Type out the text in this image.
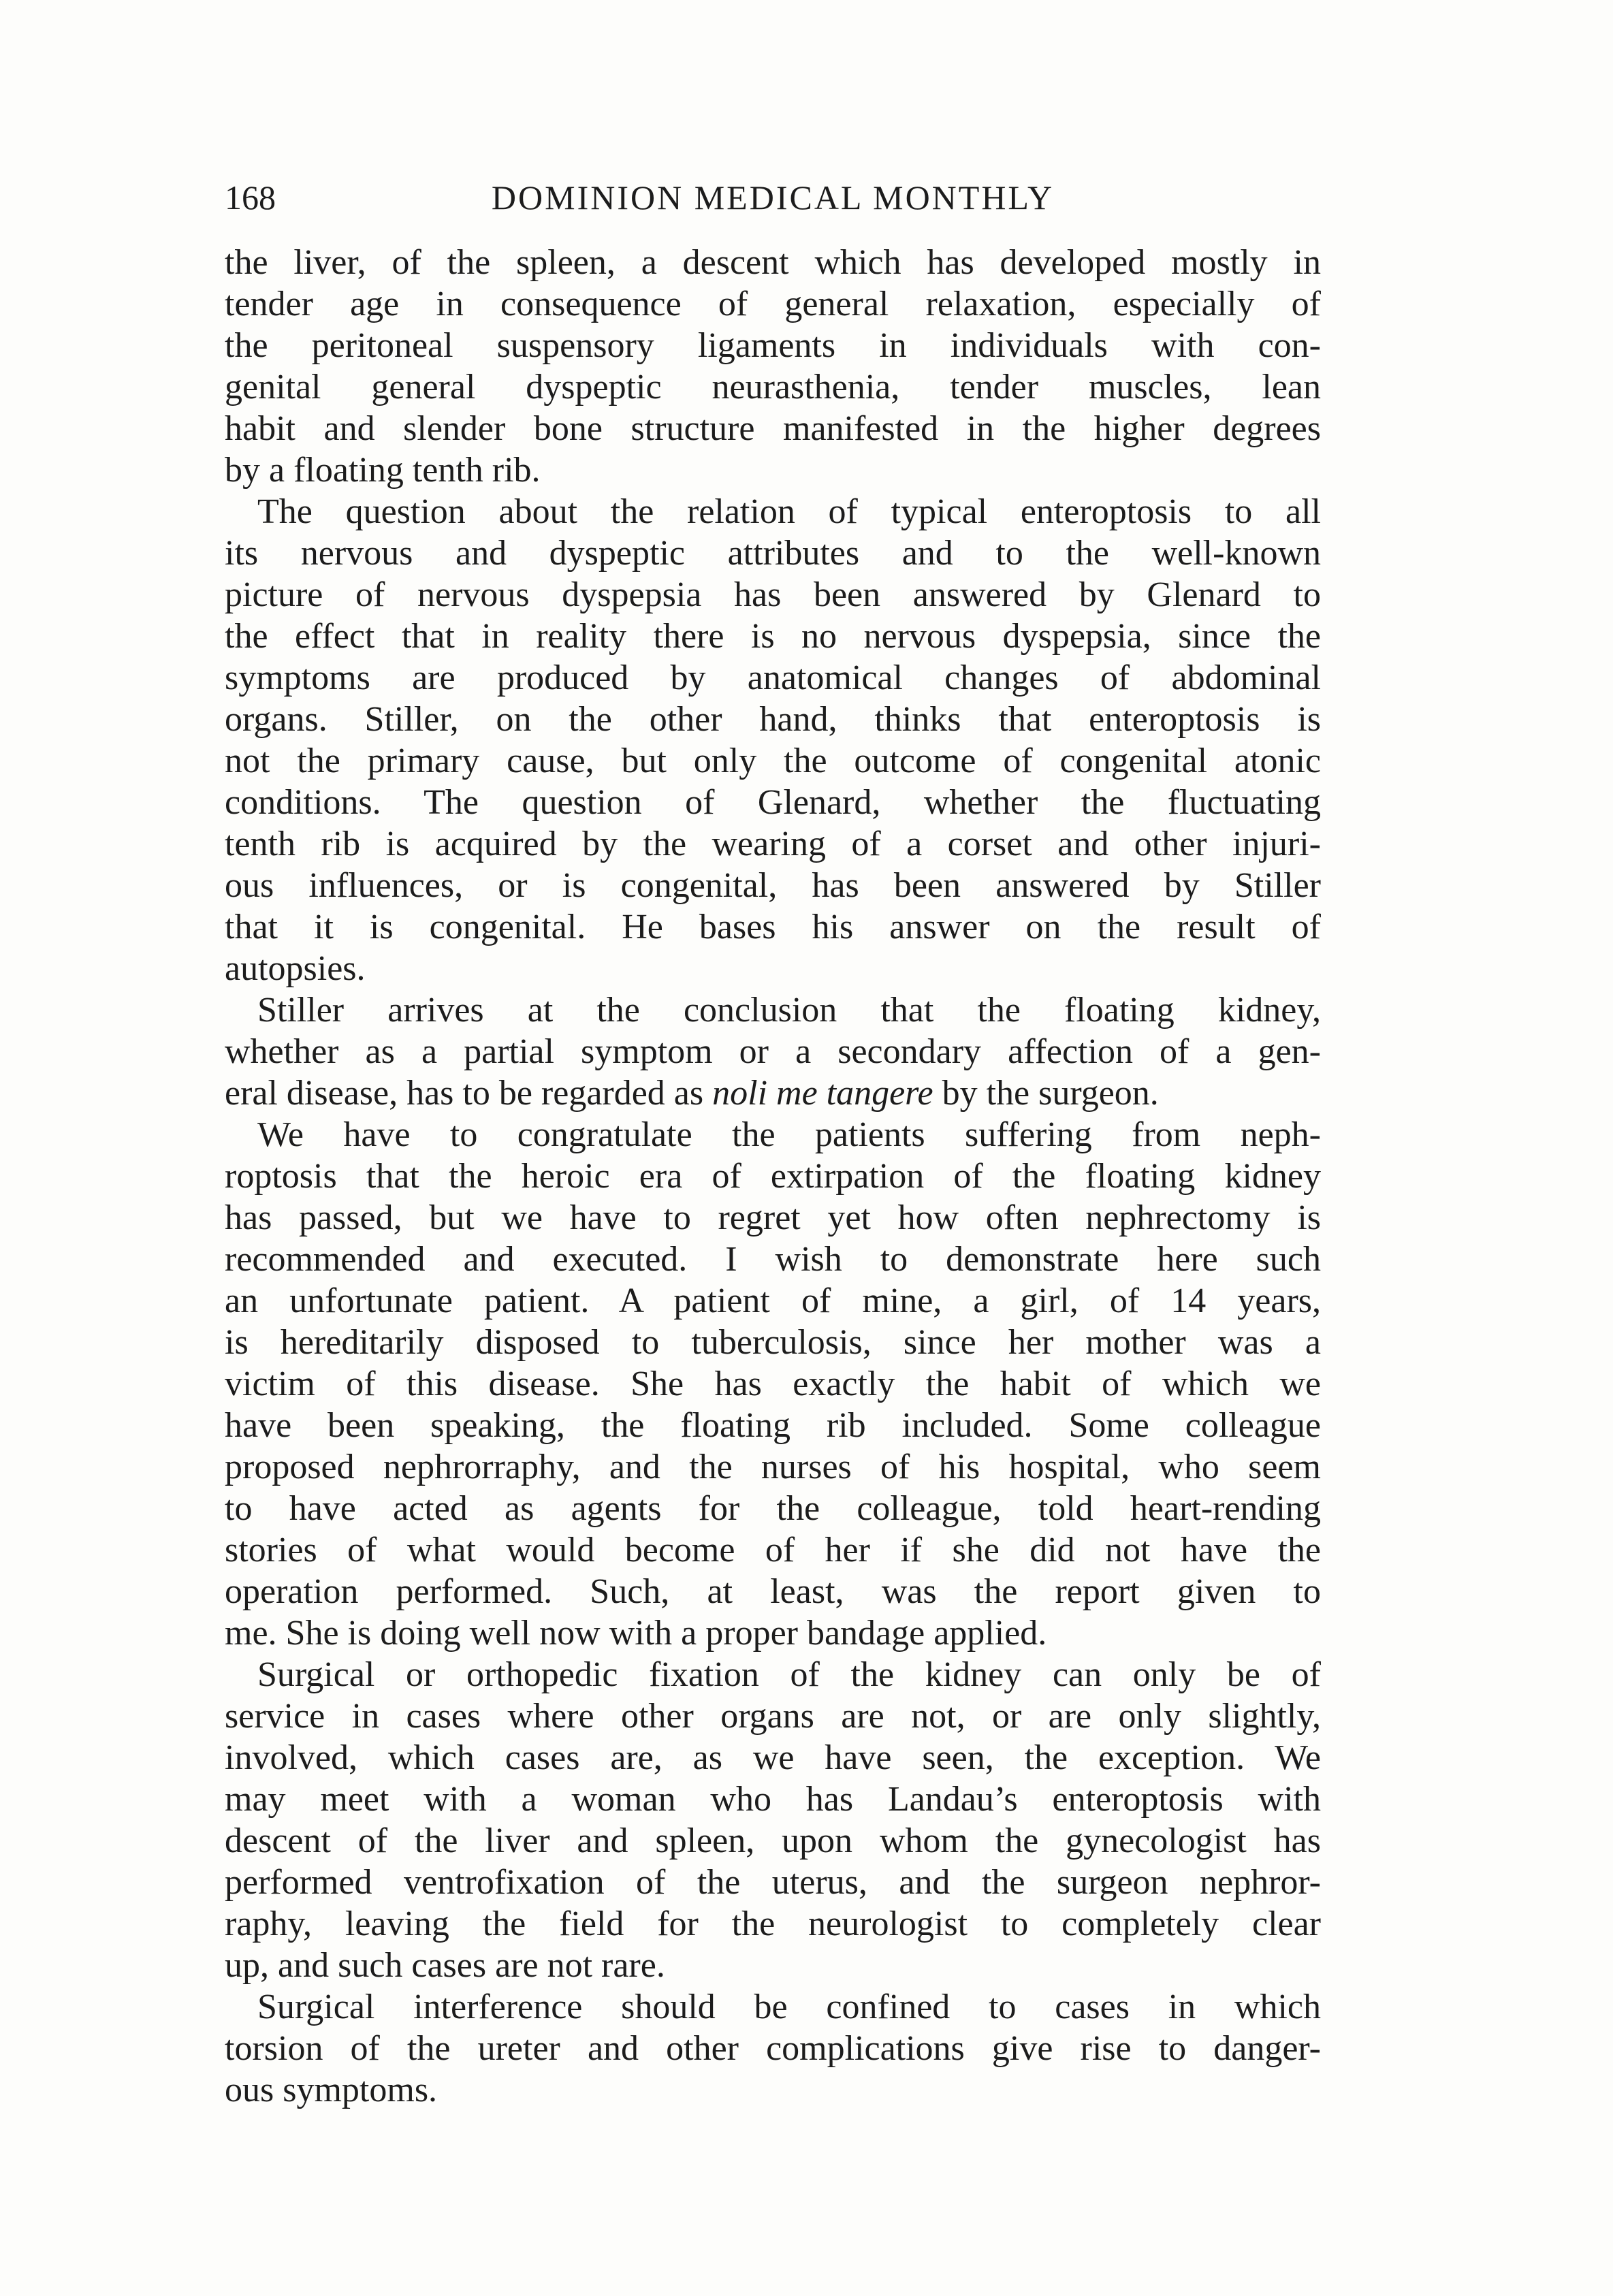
168	DOMINION MEDICAL MONTHLY
the liver, of the spleen, a descent which has developed mostly in
tender age in consequence of general relaxation, especially of
the peritoneal suspensory ligaments in individuals with con-
genital general dyspeptic neurasthenia, tender muscles, lean
habit and slender bone structure manifested in the higher degrees
by a floating tenth rib.
The question about the relation of typical enteroptosis to all
its nervous and dyspeptic attributes and to the well-known
picture of nervous dyspepsia has been answered by Glenard to
the effect that in reality there is no nervous dyspepsia, since the
symptoms are produced by anatomical changes of abdominal
organs. Stiller, on the other hand, thinks that enteroptosis is
not the primary cause, but only the outcome of congenital atonic
conditions. The question of Glenard, whether the fluctuating
tenth rib is acquired by the wearing of a corset and other injuri-
ous influences, or is congenital, has been answered by Stiller
that it is congenital. He bases his answer on the result of
autopsies.
Stiller arrives at the conclusion that the floating kidney,
whether as a partial symptom or a secondary affection of a gen-
eral disease, has to be regarded as noli me tangere by the surgeon.
We have to congratulate the patients suffering from neph-
roptosis that the heroic era of extirpation of the floating kidney
has passed, but we have to regret yet how often nephrectomy is
recommended and executed. I wish to demonstrate here such
an unfortunate patient. A patient of mine, a girl, of 14 years,
is hereditarily disposed to tuberculosis, since her mother was a
victim of this disease. She has exactly the habit of which we
have been speaking, the floating rib included. Some colleague
proposed nephrorraphy, and the nurses of his hospital, who seem
to have acted as agents for the colleague, told heart-rending
stories of what would become of her if she did not have the
operation performed. Such, at least, was the report given to
me. She is doing well now with a proper bandage applied.
Surgical or orthopedic fixation of the kidney can only be of
service in cases where other organs are not, or are only slightly,
involved, which cases are, as we have seen, the exception. We
may meet with a woman who has Landau’s enteroptosis with
descent of the liver and spleen, upon whom the gynecologist has
performed ventrofixation of the uterus, and the surgeon nephror-
raphy, leaving the field for the neurologist to completely clear
up, and such cases are not rare.
Surgical interference should be confined to cases in which
torsion of the ureter and other complications give rise to danger-
ous symptoms.
